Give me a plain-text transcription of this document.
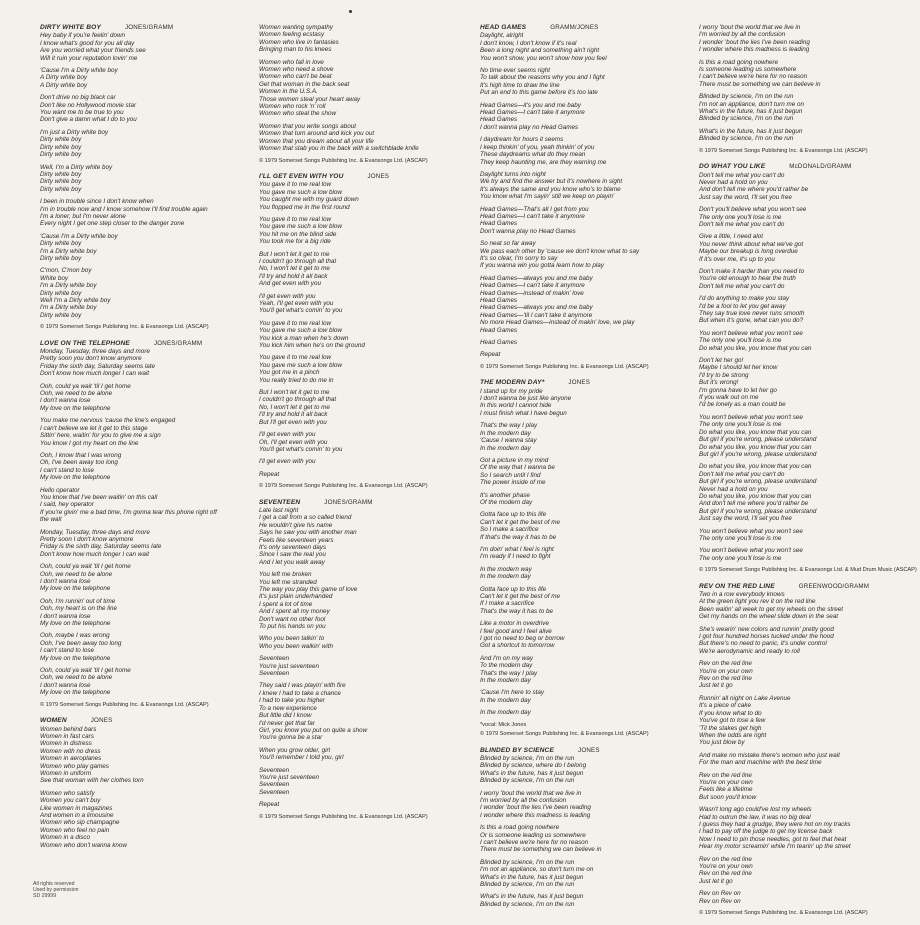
DIRTY WHITE BOY	JONES/GRAMM
Hey baby if you're feelin' down
I know what's good for you all day
Are you worried what your friends see
Will it ruin your reputation lovin' me
'Cause I'm a Dirty white boy
A Dirty white boy
A Dirty white boy
Don't drive no big black car
Don't like no Hollywood movie star
You want me to be true to you
Don't give a damn what I do to you
I'm just a Dirty white boy
Dirty white boy
Dirty white boy
Dirty white boy
Well, I'm a Dirty white boy
Dirty white boy
Dirty white boy
Dirty white boy
I been in trouble since I don't know when
I'm in trouble now and I know somehow I'll find trouble again
I'm a loner, but I'm never alone
Every night I get one step closer to the danger zone
'Cause I'm a Dirty white boy
Dirty white boy
I'm a Dirty white boy
Dirty white boy
C'mon, C'mon boy
White boy
I'm a Dirty white boy
Dirty white boy
Well I'm a Dirty white boy
I'm a Dirty white boy
Dirty white boy
© 1979 Somerset Songs Publishing Inc. & Evansongs Ltd. (ASCAP)
LOVE ON THE TELEPHONE	JONES/GRAMM
Monday, Tuesday, three days and more
Pretty soon you don't know anymore
Friday the sixth day, Saturday seems late
Don't know how much longer I can wait
Ooh, could ya wait 'til I get home
Ooh, we need to be alone
I don't wanna lose
My love on the telephone
You make me nervous 'cause the line's engaged
I can't believe we let it get to this stage
Sittin' here, waitin' for you to give me a sign
You know I got my heart on the line
Ooh, I know that I was wrong
Oh, I've been away too long
I can't stand to lose
My love on the telephone
Hello operator
You know that I've been waitin' on this call
I said, hey operator
If you're givin' me a bad time, I'm gonna tear this phone right off
the wall
Monday, Tuesday, three days and more
Pretty soon I don't know anymore
Friday is the sixth day, Saturday seems late
Don't know how much longer I can wait
Ooh, could ya wait 'til I get home
Ooh, we need to be alone
I don't wanna lose
My love on the telephone
Ooh, I'm runnin' out of time
Ooh, my heart is on the line
I don't wanna lose
My love on the telephone
Ooh, maybe I was wrong
Ooh, I've been away too long
I can't stand to lose
My love on the telephone
Ooh, could ya wait 'til I get home
Ooh, we need to be alone
I don't wanna lose
My love on the telephone
© 1979 Somerset Songs Publishing Inc. & Evansongs Ltd. (ASCAP)
WOMEN	JONES
Women behind bars
Women in fast cars
Women in distress
Women with no dress
Women in aeroplanes
Women who play games
Women in uniform
See that woman with her clothes torn
Women who satisfy
Women you can't buy
Like women in magazines
And women in a limousine
Women who sip champagne
Women who feel no pain
Women in a disco
Women who don't wanna know
Women wanting sympathy
Women feeling ecstasy
Women who live in fantasies
Bringing man to his knees
Women who fall in love
Women who need a shove
Women who can't be beat
Get that woman in the back seat
Women in the U.S.A.
Those women steal your heart away
Women who rock 'n' roll
Women who steal the show
Women that you write songs about
Women that turn around and kick you out
Women that you dream about all your life
Women that stab you in the back with a switchblade knife
© 1979 Somerset Songs Publishing Inc. & Evansongs Ltd. (ASCAP)
I'LL GET EVEN WITH YOU	JONES
You gave it to me real low
You gave me such a low blow
You caught me with my guard down
You flopped me in the first round
You gave it to me real low
You gave me such a low blow
You hit me on the blind side
You took me for a big ride
But I won't let it get to me
I couldn't go through all that
No, I won't let it get to me
I'll try and hold it all back
And get even with you
I'll get even with you
Yeah, I'll get even with you
You'll get what's comin' to you
You gave it to me real low
You gave me such a low blow
You kick a man when he's down
You kick him when he's on the ground
You gave it to me real low
You gave me such a low blow
You got me in a pinch
You really tried to do me in
But I won't let it get to me
I couldn't go through all that
No, I won't let it get to me
I'll try and hold it all back
But I'll get even with you
I'll get even with you
Oh, I'll get even with you
You'll get what's comin' to you
I'll get even with you
Repeat
© 1979 Somerset Songs Publishing Inc. & Evansongs Ltd. (ASCAP)
SEVENTEEN	JONES/GRAMM
Late last night
I get a call from a so called friend
He wouldn't give his name
Says he saw you with another man
Feels like seventeen years
It's only seventeen days
Since I saw the real you
And I let you walk away
You left me broken
You left me stranded
The way you play this game of love
It's just plain underhanded
I spent a lot of time
And I spent all my money
Don't want no other fool
To put his hands on you
Who you been talkin' to
Who you been walkin' with
Seventeen
You're just seventeen
Seventeen
They said I was playin' with fire
I knew I had to take a chance
I had to take you higher
To a new experience
But little did I know
I'd never get that far
Girl, you know you put on quite a show
You're gonna be a star
When you grow older, girl
You'll remember I told you, girl
Seventeen
You're just seventeen
Seventeen
Seventeen
Repeat
© 1979 Somerset Songs Publishing Inc. & Evansongs Ltd. (ASCAP)
HEAD GAMES	GRAMM/JONES
Daylight, alright
I don't know, I don't know if it's real
Been a long night and something ain't right
You won't show, you won't show how you feel
No time ever seems right
To talk about the reasons why you and I fight
It's high time to draw the line
Put an end to this game before it's too late
Head Games—it's you and me baby
Head Games—I can't take it anymore
Head Games
I don't wanna play no Head Games
I daydream for hours it seems
I keep thinkin' of you, yeah thinkin' of you
These daydreams what do they mean
They keep haunting me, are they warning me
Daylight turns into night
We try and find the answer but it's nowhere in sight
It's always the same and you know who's to blame
You know what I'm sayin' still we keep on playin'
Head Games—That's all I get from you
Head Games—I can't take it anymore
Head Games
Don't wanna play no Head Games
So neat so far away
We pass each other by 'cause we don't know what to say
It's so clear, I'm sorry to say
If you wanna win you gotta learn how to play
Head Games—always you and me baby
Head Games—I can't take it anymore
Head Games—instead of makin' love
Head Games
Head Games—always you and me baby
Head Games—'til I can't take it anymore
No more Head Games—instead of makin' love, we play
Head Games
Head Games
Repeat
© 1979 Somerset Songs Publishing Inc. & Evansongs Ltd. (ASCAP)
THE MODERN DAY*	JONES
I stand up for my pride
I don't wanna be just like anyone
In this world I cannot hide
I must finish what I have begun
That's the way I play
In the modern day
'Cause I wanna stay
In the modern day
Got a picture in my mind
Of the way that I wanna be
So I search until I find
The power inside of me
It's another phase
Of the modern day
Gotta face up to this life
Can't let it get the best of me
So I make a sacrifice
If that's the way it has to be
I'm doin' what I feel is right
I'm ready if I need to fight
In the modern way
In the modern day
Gotta face up to this life
Can't let it get the best of me
If I make a sacrifice
That's the way it has to be
Like a motor in overdrive
I feel good and I feel alive
I got no need to beg or borrow
Got a shortcut to tomorrow
And I'm on my way
To the modern day
That's the way I play
In the modern day
'Cause I'm here to stay
In the modern day
In the modern day
*vocal: Mick Jones
© 1979 Somerset Songs Publishing Inc. & Evansongs Ltd. (ASCAP)
BLINDED BY SCIENCE	JONES
Blinded by science, I'm on the run
Blinded by science, where do I belong
What's in the future, has it just begun
Blinded by science, I'm on the run
I worry 'bout the world that we live in
I'm worried by all the confusion
I wonder 'bout the lies I've been reading
I wonder where this madness is leading
Is this a road going nowhere
Or is someone leading us somewhere
I can't believe we're here for no reason
There must be something we can believe in
Blinded by science, I'm on the run
I'm not an appliance, so don't turn me on
What's in the future, has it just begun
Blinded by science, I'm on the run
What's in the future, has it just begun
Blinded by science, I'm on the run
I worry 'bout the world that we live in
I'm worried by all the confusion
I wonder 'bout the lies I've been reading
I wonder where this madness is leading
Is this a road going nowhere
Is someone leading us somewhere
I can't believe we're here for no reason
There must be something we can believe in
Blinded by science, I'm on the run
I'm not an appliance, don't turn me on
What's in the future, has it just begun
Blinded by science, I'm on the run
What's in the future, has it just begun
Blinded by science, I'm on the run
© 1979 Somerset Songs Publishing Inc. & Evansongs Ltd. (ASCAP)
DO WHAT YOU LIKE	McDONALD/GRAMM
Don't tell me what you can't do
Never had a hold on you
And don't tell me where you'd rather be
Just say the word, I'll set you free
Don't you'll believe what you won't see
The only one you'll lose is me
Don't tell me what you can't do
Give a little, I need alot
You never think about what we've got
Maybe our breakup is long overdue
If it's over me, it's up to you
Don't make it harder than you need to
You're old enough to hear the truth
Don't tell me what you can't do
I'd do anything to make you stay
I'd be a fool to let you get away
They say true love never runs smooth
But when it's gone, what can you do?
You won't believe what you won't see
The only one you'll lose is me
Do what you like, you know that you can
Don't let her go!
Maybe I should let her know
I'll try to be strong
But it's wrong!
I'm gonna have to let her go
If you walk out on me
I'd be lonely as a man could be
You won't believe what you won't see
The only one you'll lose is me
Do what you like, you know that you can
But girl if you're wrong, please understand
Do what you like, you know that you can
But girl if you're wrong, please understand
Do what you like, you know that you can
Don't tell me what you can't do
But girl if you're wrong, please understand
Never had a hold on you
Do what you like, you know that you can
And don't tell me where you'd rather be
But girl if you're wrong, please understand
Just say the word, I'll set you free
You won't believe what you won't see
The only one you'll lose is me
You won't believe what you won't see
The only one you'll lose is me
© 1979 Somerset Songs Publishing Inc. & Evansongs Ltd. & Mud Drum Music (ASCAP)
REV ON THE RED LINE	GREENWOOD/GRAMM
Two in a row everybody knows
At the green light you rev it on the red line
Been waitin' all week to get my wheels on the street
Get my hands on the wheel slide down in the seat
She's wearin' new colors and runnin' pretty good
I got four hundred horses tucked under the hood
But there's no need to panic, it's under control
We're aerodynamic and ready to roll
Rev on the red line
You're on your own
Rev on the red line
Just let it go
Runnin' all night on Lake Avenue
It's a piece of cake
If you know what to do
You've got to lose a few
'Til the stakes get high
When the odds are right
You just blow by
And make no mistake there's women who just wait
For the man and machine with the best time
Rev on the red line
You're on your own
Feels like a lifetime
But soon you'll know
Wasn't long ago could've lost my wheels
Had to outrun the law, it was no big deal
I guess they had a grudge, they were hot on my tracks
I had to pay off the judge to get my license back
Now I need to pin those needles, got to feel that heat
Hear my motor screamin' while I'm tearin' up the street
Rev on the red line
You're on your own
Rev on the red line
Just let it go
Rev on Rev on
Rev on Rev on
© 1979 Somerset Songs Publishing Inc. & Evansongs Ltd. (ASCAP)
All rights reserved
Used by permission
SD 29999
